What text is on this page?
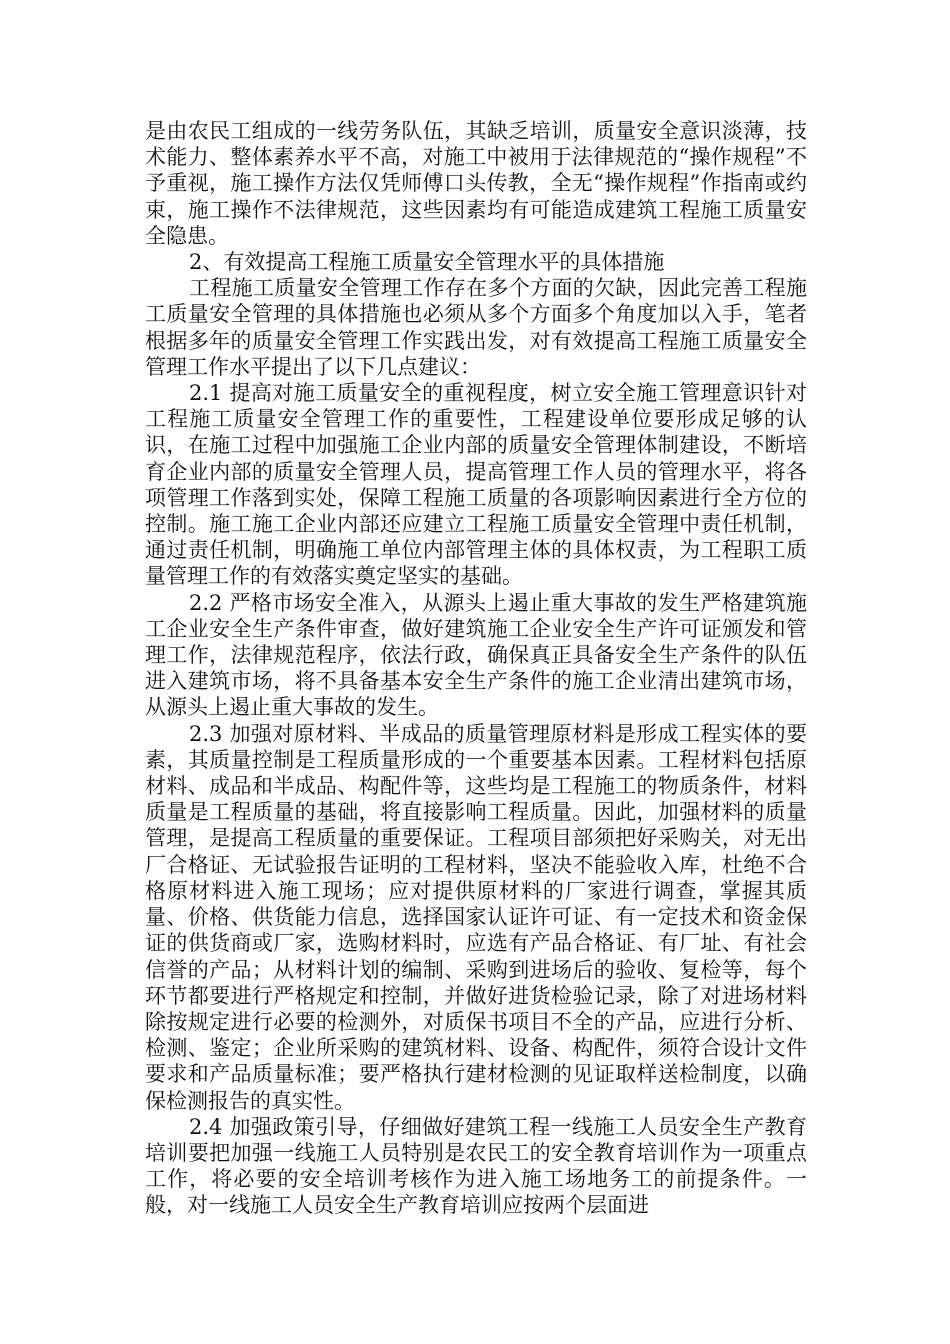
是由农民工组成的一线劳务队伍，其缺乏培训，质量安全意识淡薄，技术能力、整体素养水平不高，对施工中被用于法律规范的“操作规程”不予重视，施工操作方法仅凭师傅口头传教，全无“操作规程”作指南或约束，施工操作不法律规范，这些因素均有可能造成建筑工程施工质量安全隐患。

2、有效提高工程施工质量安全管理水平的具体措施

工程施工质量安全管理工作存在多个方面的欠缺，因此完善工程施工质量安全管理的具体措施也必须从多个方面多个角度加以入手，笔者根据多年的质量安全管理工作实践出发，对有效提高工程施工质量安全管理工作水平提出了以下几点建议：

2.1 提高对施工质量安全的重视程度，树立安全施工管理意识针对工程施工质量安全管理工作的重要性，工程建设单位要形成足够的认识，在施工过程中加强施工企业内部的质量安全管理体制建设，不断培育企业内部的质量安全管理人员，提高管理工作人员的管理水平，将各项管理工作落到实处，保障工程施工质量的各项影响因素进行全方位的控制。施工施工企业内部还应建立工程施工质量安全管理中责任机制，通过责任机制，明确施工单位内部管理主体的具体权责，为工程职工质量管理工作的有效落实奠定坚实的基础。

2.2 严格市场安全准入，从源头上遏止重大事故的发生严格建筑施工企业安全生产条件审查，做好建筑施工企业安全生产许可证颁发和管理工作，法律规范程序，依法行政，确保真正具备安全生产条件的队伍进入建筑市场，将不具备基本安全生产条件的施工企业清出建筑市场，从源头上遏止重大事故的发生。

2.3 加强对原材料、半成品的质量管理原材料是形成工程实体的要素，其质量控制是工程质量形成的一个重要基本因素。工程材料包括原材料、成品和半成品、构配件等，这些均是工程施工的物质条件，材料质量是工程质量的基础，将直接影响工程质量。因此，加强材料的质量管理，是提高工程质量的重要保证。工程项目部须把好采购关，对无出厂合格证、无试验报告证明的工程材料，坚决不能验收入库，杜绝不合格原材料进入施工现场；应对提供原材料的厂家进行调查，掌握其质量、价格、供货能力信息，选择国家认证许可证、有一定技术和资金保证的供货商或厂家，选购材料时，应选有产品合格证、有厂址、有社会信誉的产品；从材料计划的编制、采购到进场后的验收、复检等，每个环节都要进行严格规定和控制，并做好进货检验记录，除了对进场材料除按规定进行必要的检测外，对质保书项目不全的产品，应进行分析、检测、鉴定；企业所采购的建筑材料、设备、构配件，须符合设计文件要求和产品质量标准；要严格执行建材检测的见证取样送检制度，以确保检测报告的真实性。

2.4 加强政策引导，仔细做好建筑工程一线施工人员安全生产教育培训要把加强一线施工人员特别是农民工的安全教育培训作为一项重点工作，将必要的安全培训考核作为进入施工场地务工的前提条件。一般，对一线施工人员安全生产教育培训应按两个层面进
